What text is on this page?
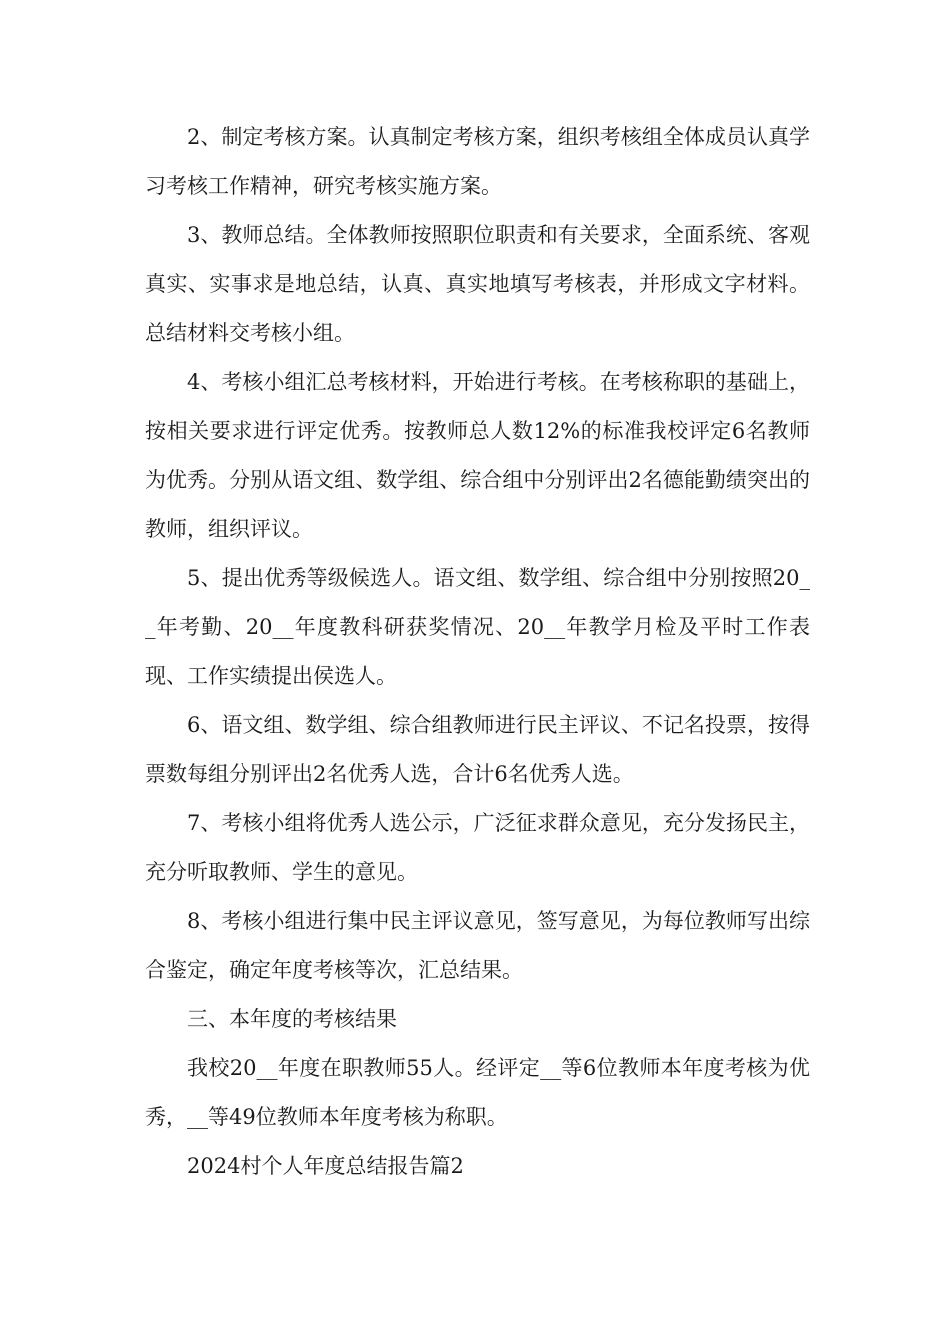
2、制定考核方案。认真制定考核方案，组织考核组全体成员认真学习考核工作精神，研究考核实施方案。

3、教师总结。全体教师按照职位职责和有关要求，全面系统、客观真实、实事求是地总结，认真、真实地填写考核表，并形成文字材料。总结材料交考核小组。

4、考核小组汇总考核材料，开始进行考核。在考核称职的基础上，按相关要求进行评定优秀。按教师总人数12%的标准我校评定6名教师为优秀。分别从语文组、数学组、综合组中分别评出2名德能勤绩突出的教师，组织评议。

5、提出优秀等级候选人。语文组、数学组、综合组中分别按照20__年考勤、20__年度教科研获奖情况、20__年教学月检及平时工作表现、工作实绩提出侯选人。

6、语文组、数学组、综合组教师进行民主评议、不记名投票，按得票数每组分别评出2名优秀人选，合计6名优秀人选。

7、考核小组将优秀人选公示，广泛征求群众意见，充分发扬民主，充分听取教师、学生的意见。

8、考核小组进行集中民主评议意见，签写意见，为每位教师写出综合鉴定，确定年度考核等次，汇总结果。

三、本年度的考核结果

我校20__年度在职教师55人。经评定__等6位教师本年度考核为优秀，__等49位教师本年度考核为称职。

2024村个人年度总结报告篇2
